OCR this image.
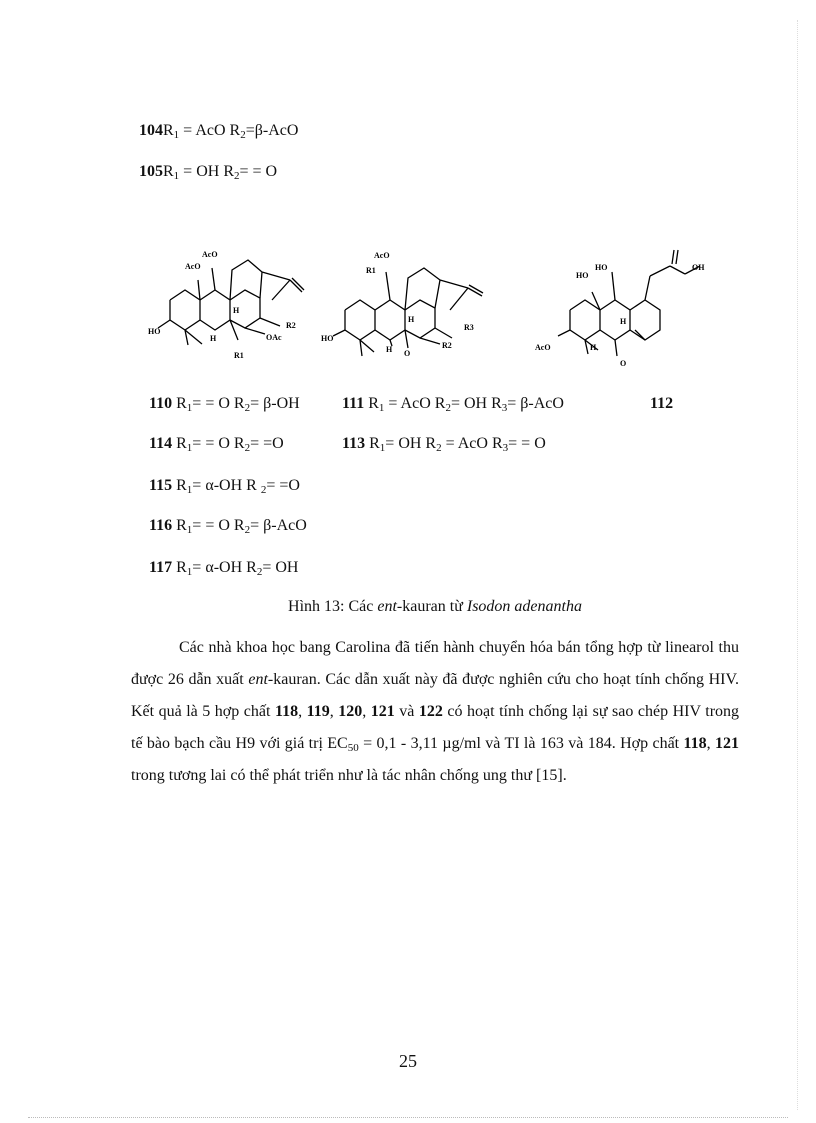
$104R_1$ = AcO $R_2=\beta$-AcO
$105R_1$ = OH $R_2= = O$
AcO
AcO
HO
H
H	OAc
R1
R2
AcO
R1
HO
H
H O
R2
R3
HO
HO
OH
AcO
H
H
O
110 $R_1= = O$ $R_2= \beta-OH$
114 $R_1= = O$ $R_2= =O$
115 $R_1= \alpha-OH$ R $_2$= =O
116 $R_1= = O$ $R_2= \beta-AcO$
117 $R_1= \alpha-OH$ $R_2=$ OH
111 $R_1$ = AcO $R_2=$ OH $R_3= \beta-AcO$
113 $R_1=$ OH $R_2$ = AcO $R_3= = O$
112
Hình 13: Các ent-kauran từ Isodon adenantha
Các nhà khoa học bang Carolina đã tiến hành chuyển hóa bán tổng hợp từ linearol thu được 26 dẫn xuất ent-kauran. Các dẫn xuất này đã được nghiên cứu cho hoạt tính chống HIV. Kết quả là 5 hợp chất 118, 119, 120, 121 và 122 có hoạt tính chống lại sự sao chép HIV trong tế bào bạch cầu H9 với giá trị $EC_{50} = 0,1 - 3,11$ µg/ml và TI là 163 và 184. Hợp chất 118, 121 trong tương lai có thể phát triển như là tác nhân chống ung thư [15].
25
